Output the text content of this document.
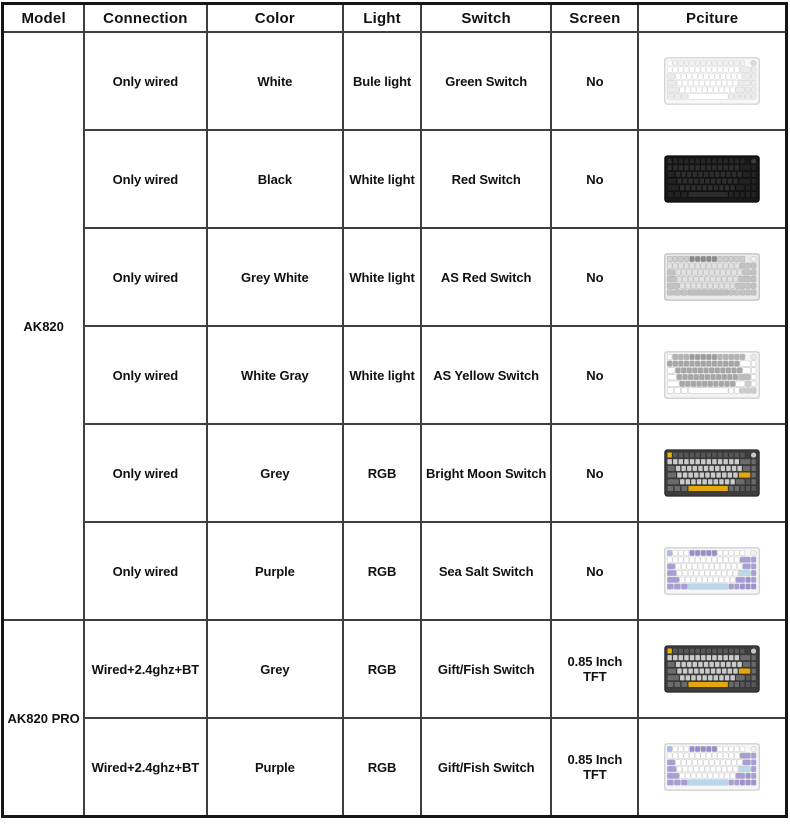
Model	Connection	Color	Light	Switch	Screen	Pciture
AK820	Only wired	White	Bule light	Green Switch	No	

	Only wired	Black	White light	Red Switch	No	

	Only wired	Grey White	White light	AS Red Switch	No	

	Only wired	White Gray	White light	AS Yellow Switch	No	

	Only wired	Grey	RGB	Bright Moon Switch	No	

	Only wired	Purple	RGB	Sea Salt Switch	No	

AK820 PRO	Wired+2.4ghz+BT	Grey	RGB	Gift/Fish Switch	0.85 Inch TFT	

	Wired+2.4ghz+BT	Purple	RGB	Gift/Fish Switch	0.85 Inch TFT	
